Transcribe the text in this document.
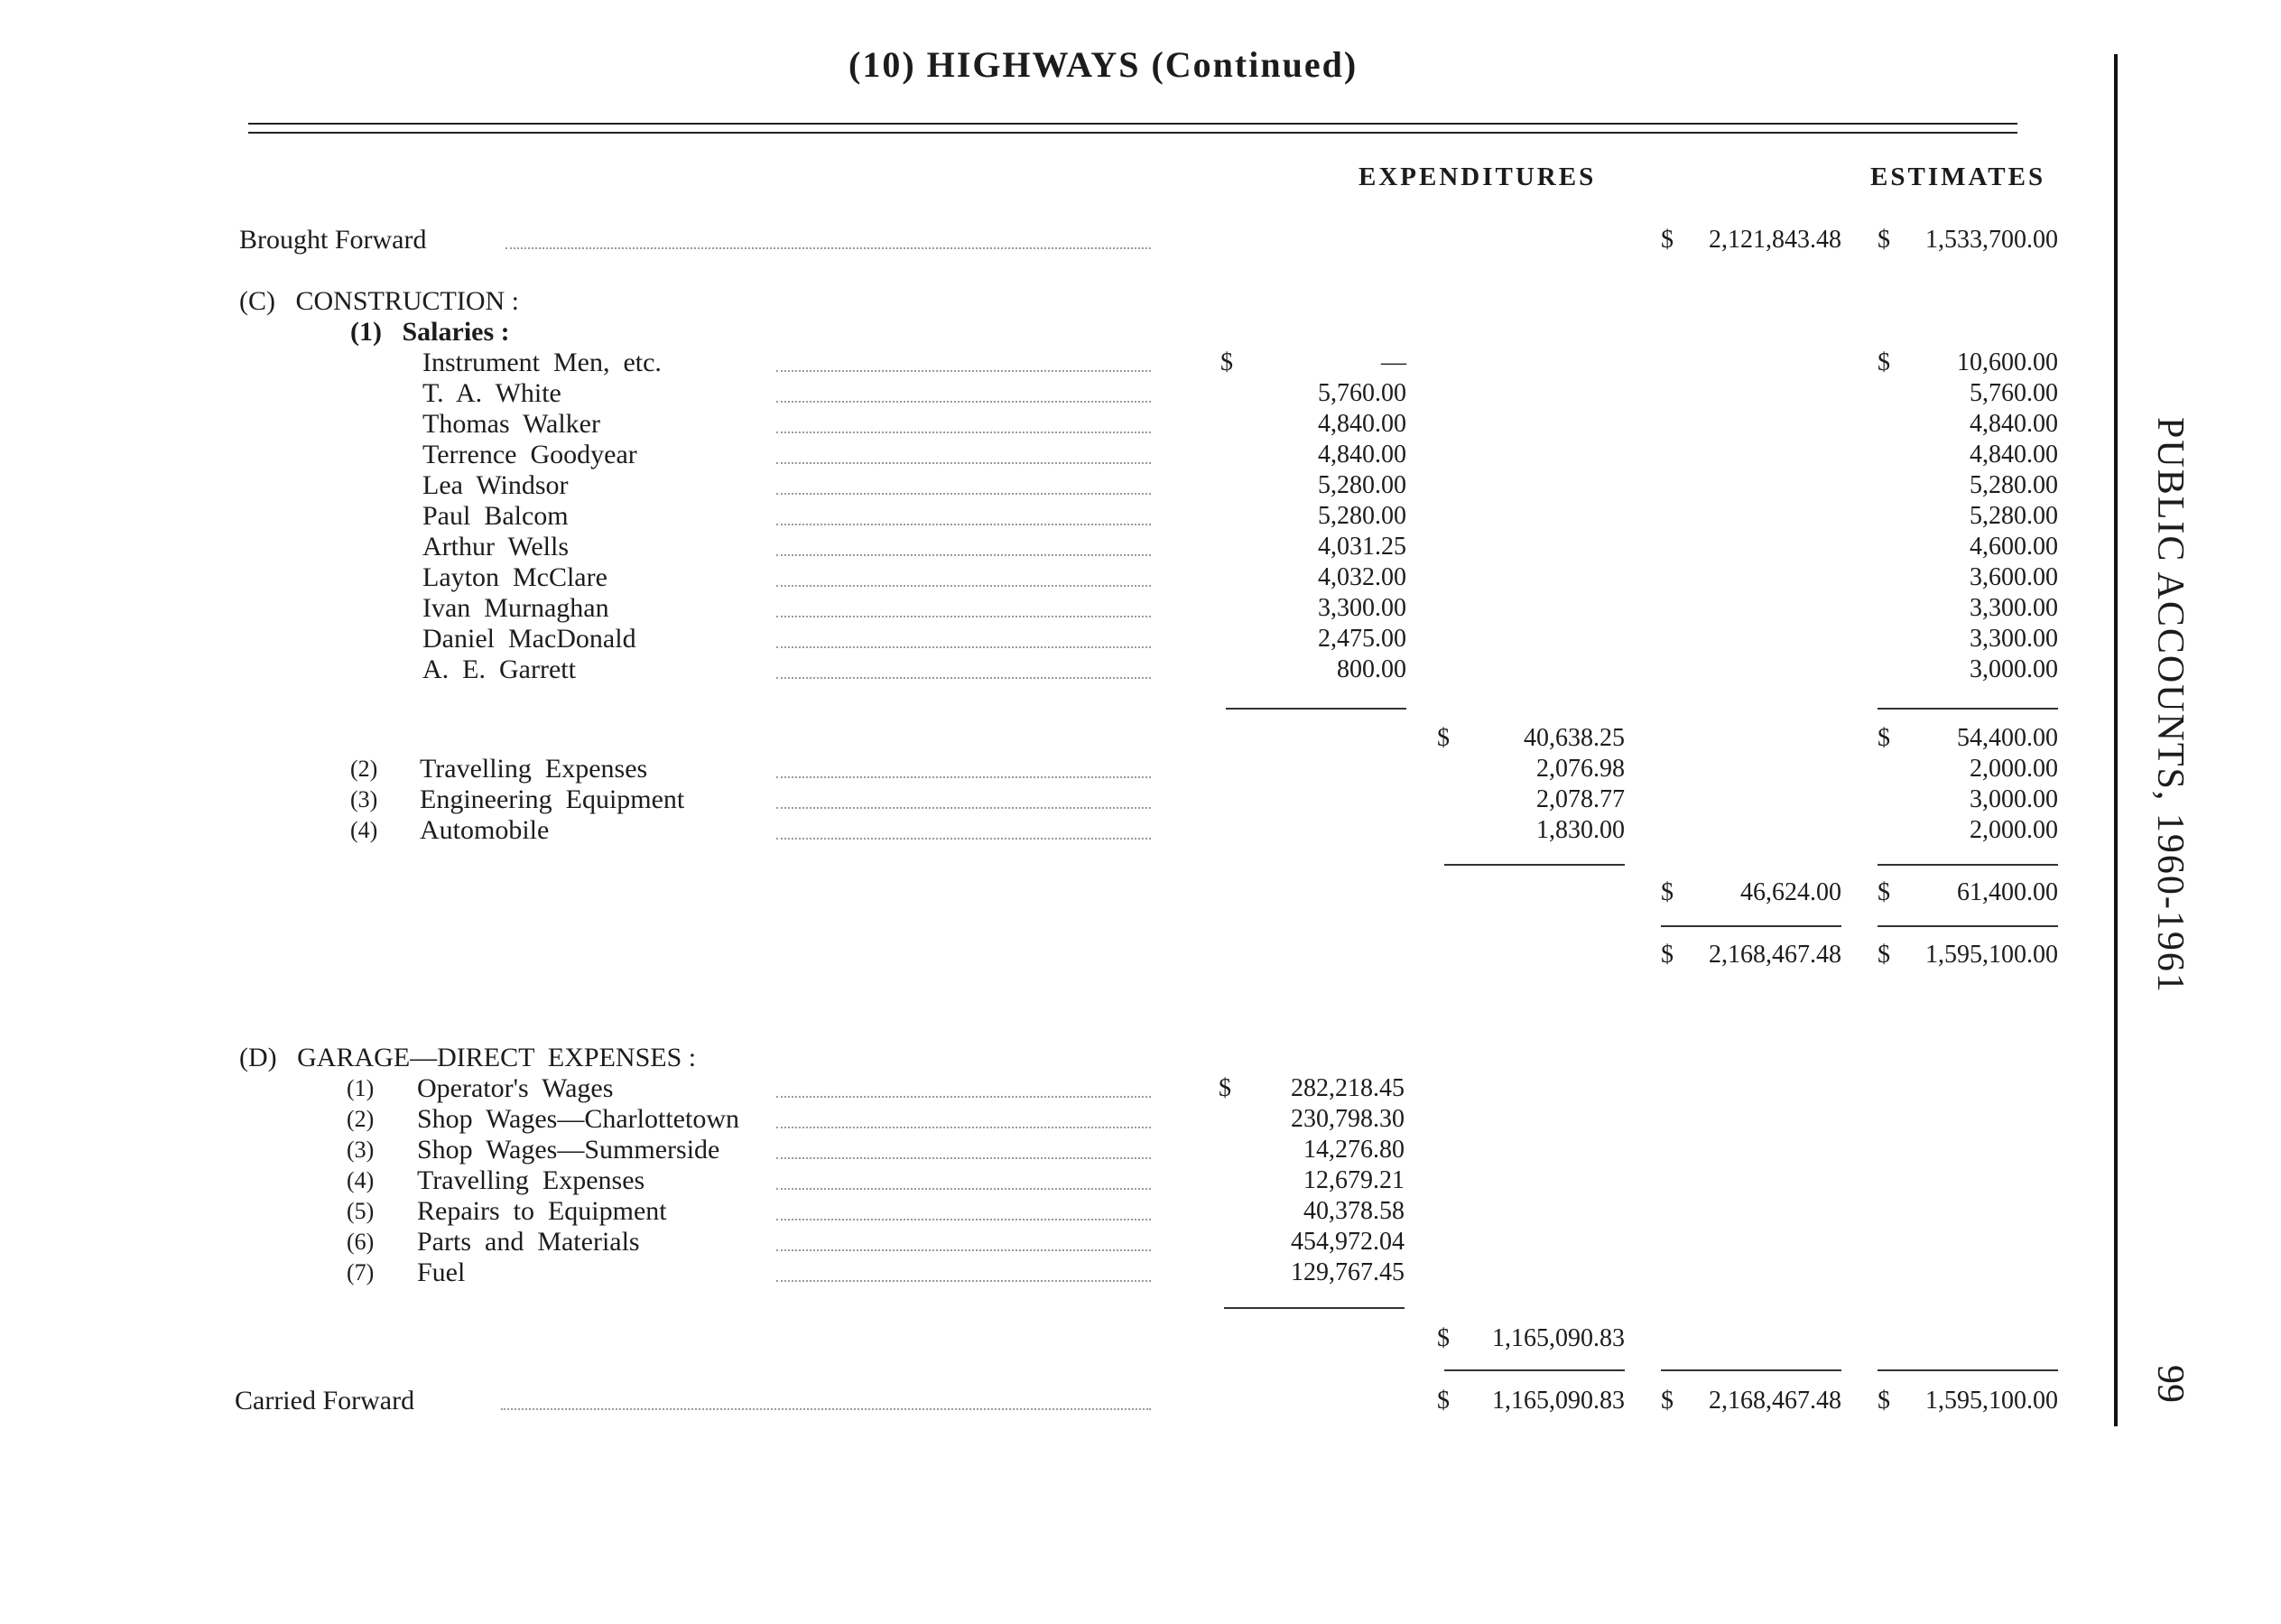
(10) HIGHWAYS (Continued)
EXPENDITURES	ESTIMATES
PUBLIC ACCOUNTS, 1960-1961
99
Brought Forward	$	2,121,843.48 $	1,533,700.00
(C)   CONSTRUCTION :
(1)   Salaries :
Instrument  Men,  etc.	$	—	$	10,600.00
T.  A.  White	5,760.00	5,760.00
Thomas  Walker	4,840.00	4,840.00
Terrence  Goodyear	4,840.00	4,840.00
Lea  Windsor	5,280.00	5,280.00
Paul  Balcom	5,280.00	5,280.00
Arthur  Wells	4,031.25	4,600.00
Layton  McClare	4,032.00	3,600.00
Ivan  Murnaghan	3,300.00	3,300.00
Daniel  MacDonald	2,475.00	3,300.00
A.  E.  Garrett	800.00	3,000.00
$	40,638.25	$	54,400.00
(2) Travelling  Expenses	2,076.98	2,000.00
(3) Engineering  Equipment	2,078.77	3,000.00
(4) Automobile	1,830.00	2,000.00
$	46,624.00 $	61,400.00
$	2,168,467.48 $	1,595,100.00
(D)   GARAGE—DIRECT  EXPENSES :
(1) Operator's  Wages	$	282,218.45
(2) Shop  Wages—Charlottetown	230,798.30
(3) Shop  Wages—Summerside	14,276.80
(4) Travelling  Expenses	12,679.21
(5) Repairs  to  Equipment	40,378.58
(6) Parts  and  Materials	454,972.04
(7) Fuel	129,767.45
$	1,165,090.83
Carried Forward	$	1,165,090.83 $	2,168,467.48 $	1,595,100.00
